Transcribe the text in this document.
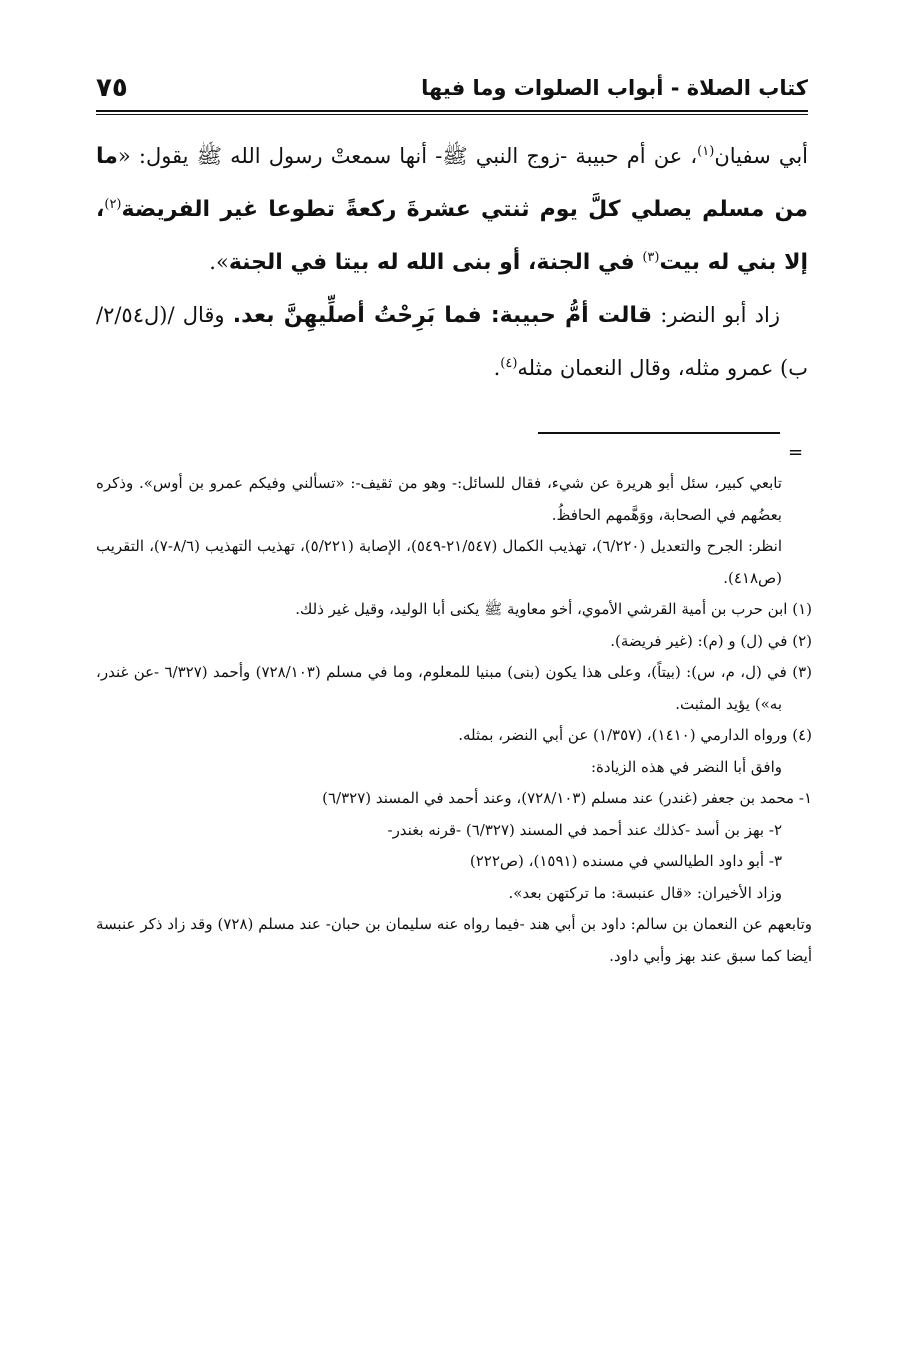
٧٥	كتاب الصلاة - أبواب الصلوات وما فيها

أبي سفيان$^{(١)}$، عن أم حبيبة -زوج النبي ﷺ- أنها سمعتْ رسول الله ﷺ يقول: «ما من مسلم يصلي كلَّ يوم ثنتي عشرةَ ركعةً تطوعا غير الفريضة$^{(٢)}$، إلا بني له بيت$^{(٣)}$ في الجنة، أو بنى الله له بيتا في الجنة».

زاد أبو النضر: قالت أمُّ حبيبة: فما بَرِحْتُ أصلِّيهِنَّ بعد. وقال /(ل٢/٥٤/ب) عمرو مثله، وقال النعمان مثله$^{(٤)}$.

=

تابعي كبير، سئل أبو هريرة عن شيء، فقال للسائل:- وهو من ثقيف-: «تسألني وفيكم عمرو بن أوس». وذكره بعضُهم في الصحابة، ووَهَّمهم الحافظُ.

انظر: الجرح والتعديل (٦/٢٢٠)، تهذيب الكمال (٢١/٥٤٧-٥٤٩)، الإصابة (٥/٢٢١)، تهذيب التهذيب (٨/٦-٧)، التقريب (ص٤١٨).

(١) ابن حرب بن أمية القرشي الأموي، أخو معاوية ﷺ يكنى أبا الوليد، وقيل غير ذلك.

(٢) في (ل) و (م): (غير فريضة).

(٣) في (ل، م، س): (بيتاً)، وعلى هذا يكون (بنى) مبنيا للمعلوم، وما في مسلم (٧٢٨/١٠٣) وأحمد (٦/٣٢٧ -عن غندر، به») يؤيد المثبت.

(٤) ورواه الدارمي (١٤١٠)، (١/٣٥٧) عن أبي النضر، بمثله.

وافق أبا النضر في هذه الزيادة:

١- محمد بن جعفر (غندر) عند مسلم (٧٢٨/١٠٣)، وعند أحمد في المسند (٦/٣٢٧)

٢- بهز بن أسد -كذلك عند أحمد في المسند (٦/٣٢٧) -قرنه بغندر-

٣- أبو داود الطيالسي في مسنده (١٥٩١)، (ص٢٢٢)

وزاد الأخيران: «قال عنبسة: ما تركتهن بعد».

وتابعهم عن النعمان بن سالم: داود بن أبي هند -فيما رواه عنه سليمان بن حبان- عند مسلم (٧٢٨) وقد زاد ذكر عنبسة أيضا كما سبق عند بهز وأبي داود.
